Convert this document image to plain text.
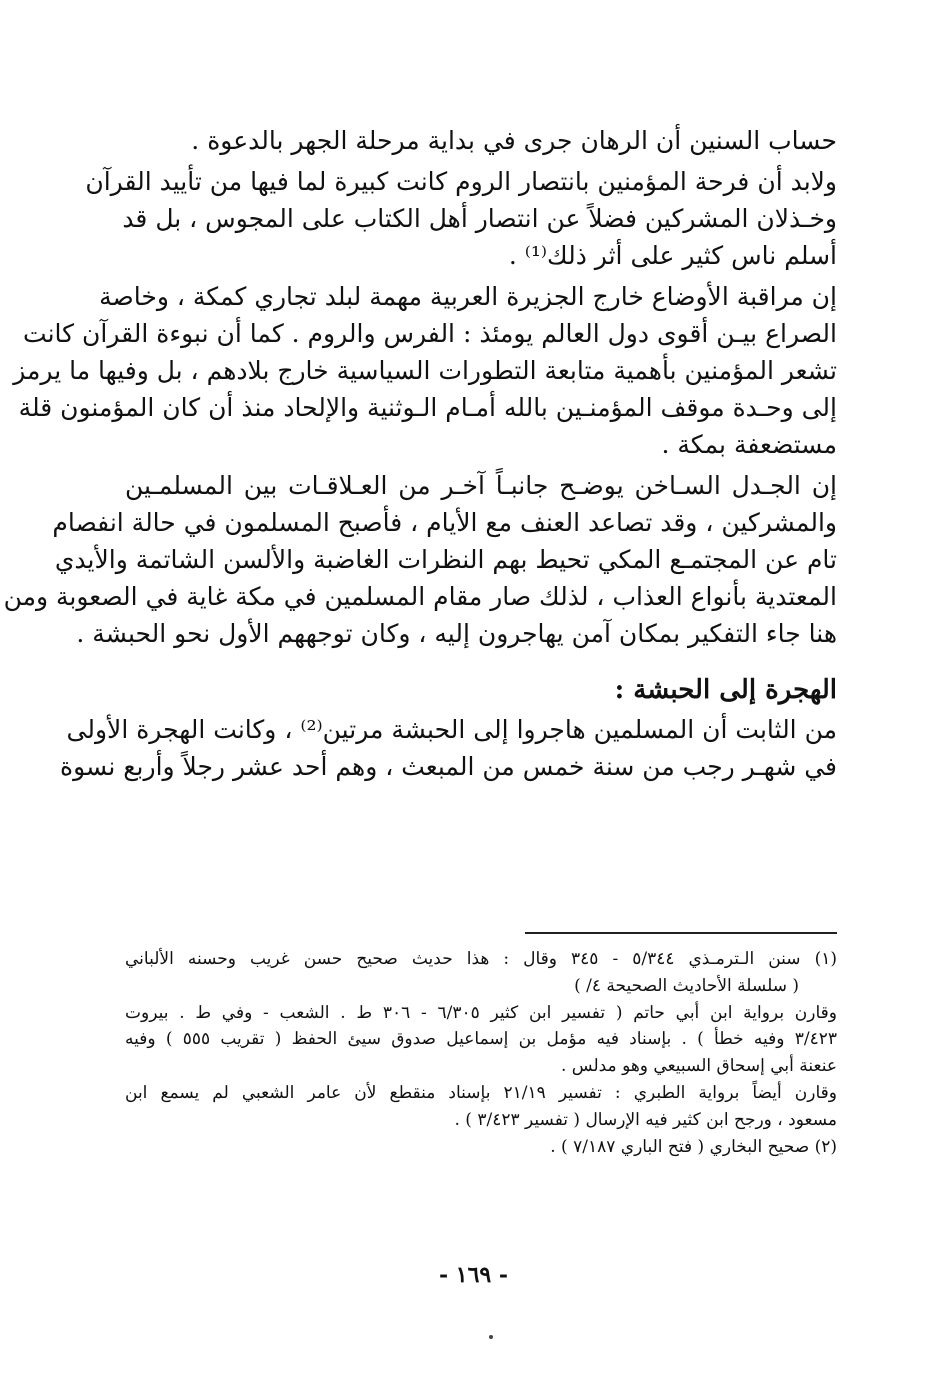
حساب السنين أن الرهان جرى في بداية مرحلة الجهر بالدعوة .
ولابد أن فرحة المؤمنين بانتصار الروم كانت كبيرة لما فيها من تأييد القرآن
وخـذلان المشركين فضلاً عن انتصار أهل الكتاب على المجوس ، بل قد
أسلم ناس كثير على أثر ذلك⁽¹⁾ .
إن مراقبة الأوضاع خارج الجزيرة العربية مهمة لبلد تجاري كمكة ، وخاصة
الصراع بيـن أقوى دول العالم يومئذ : الفرس والروم . كما أن نبوءة القرآن كانت
تشعر المؤمنين بأهمية متابعة التطورات السياسية خارج بلادهم ، بل وفيها ما يرمز
إلى وحـدة موقف المؤمنـين بالله أمـام الـوثنية والإلحاد منذ أن كان المؤمنون قلة
مستضعفة بمكة .
إن الجـدل السـاخن يوضـح جانبـاً آخـر من العـلاقـات بين المسلمـين
والمشركين ، وقد تصاعد العنف مع الأيام ، فأصبح المسلمون في حالة انفصام
تام عن المجتمـع المكي تحيط بهم النظرات الغاضبة والألسن الشاتمة والأيدي
المعتدية بأنواع العذاب ، لذلك صار مقام المسلمين في مكة غاية في الصعوبة ومن
هنا جاء التفكير بمكان آمن يهاجرون إليه ، وكان توجههم الأول نحو الحبشة .
الهجرة إلى الحبشة :
من الثابت أن المسلمين هاجروا إلى الحبشة مرتين⁽²⁾ ، وكانت الهجرة الأولى
في شهـر رجب من سنة خمس من المبعث ، وهم أحد عشر رجلاً وأربع نسوة
(١) سنن الـترمـذي ٥/٣٤٤ - ٣٤٥ وقال : هذا حديث صحيح حسن غريب وحسنه الألباني
( سلسلة الأحاديث الصحيحة ٤/ )
وقارن برواية ابن أبي حاتم ( تفسير ابن كثير ٦/٣٠٥ - ٣٠٦ ط . الشعب - وفي ط . بيروت
٣/٤٢٣ وفيه خطأ ) . بإسناد فيه مؤمل بن إسماعيل صدوق سيئ الحفظ ( تقريب ٥٥٥ ) وفيه
عنعنة أبي إسحاق السبيعي وهو مدلس .
وقارن أيضاً برواية الطبري : تفسير ٢١/١٩ بإسناد منقطع لأن عامر الشعبي لم يسمع ابن
مسعود ، ورجح ابن كثير فيه الإرسال ( تفسير ٣/٤٢٣ ) .
(٢) صحيح البخاري ( فتح الباري ٧/١٨٧ ) .
- ١٦٩ -
